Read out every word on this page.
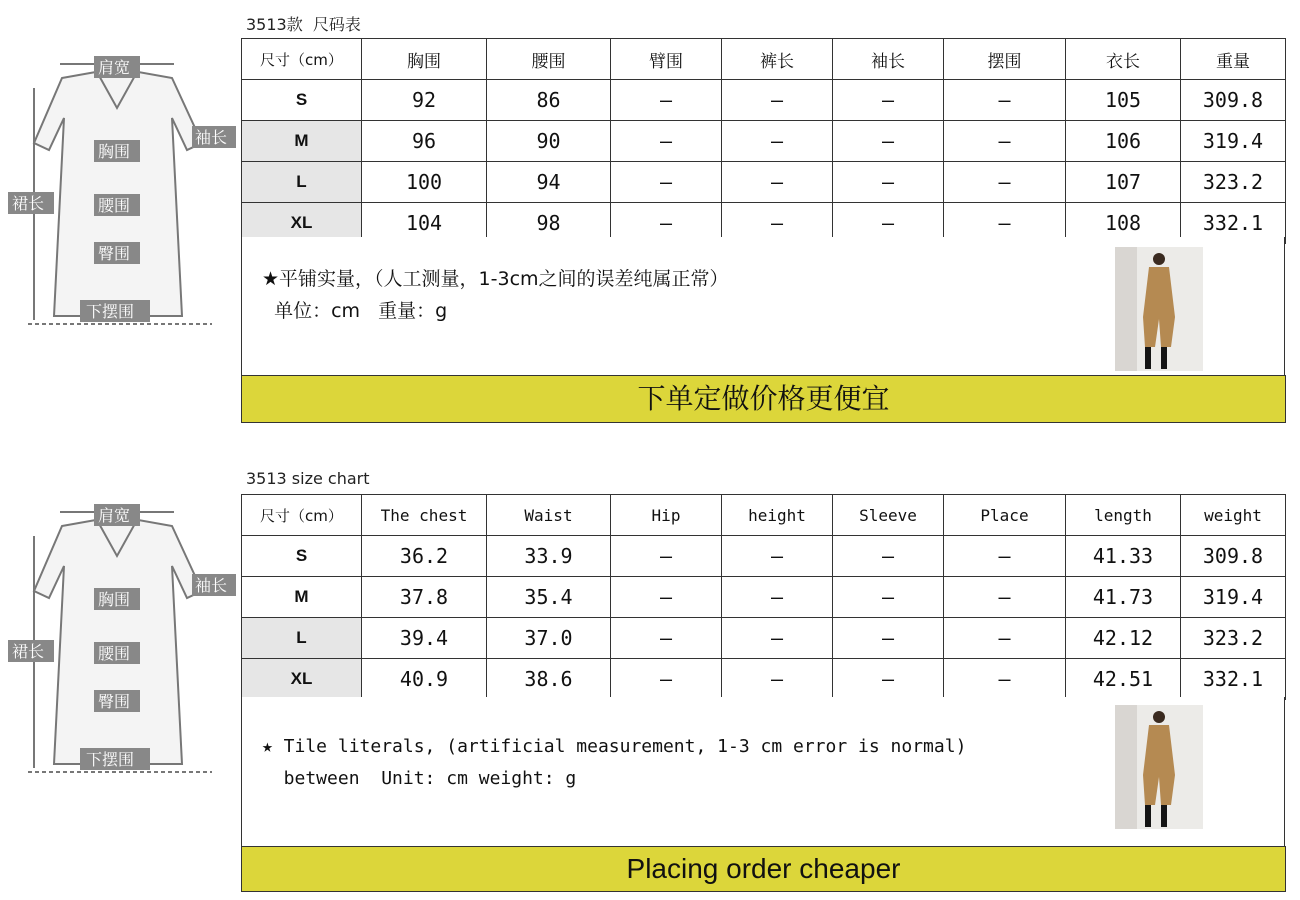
3513款  尺码表
肩宽
胸围
袖长
裙长	腰围
臀围
下摆围
尺寸（cm）	胸围	腰围	臂围	裤长	袖长	摆围	衣长	重量
S	92	86	—	—	—	—	105	309.8
M	96	90	—	—	—	—	106	319.4
L	100	94	—	—	—	—	107	323.2
XL	104	98	—	—	—	—	108	332.1
★平铺实量，（人工测量，1-3cm之间的误差纯属正常）
单位：cm   重量：g
下单定做价格更便宜
3513 size chart
肩宽
胸围
袖长
裙长	腰围
臀围
下摆围
尺寸（cm）	The chest	Waist	Hip	height	Sleeve	Place	length	weight
S	36.2	33.9	—	—	—	—	41.33	309.8
M	37.8	35.4	—	—	—	—	41.73	319.4
L	39.4	37.0	—	—	—	—	42.12	323.2
XL	40.9	38.6	—	—	—	—	42.51	332.1
★ Tile literals, (artificial measurement, 1-3 cm error is normal)
between  Unit: cm weight: g
Placing order cheaper
